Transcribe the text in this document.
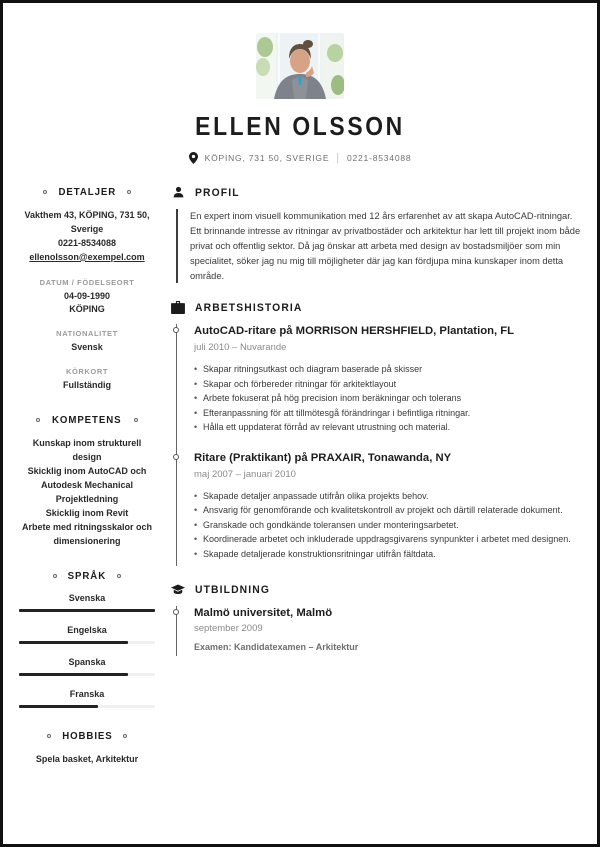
ELLEN OLSSON
KÖPING, 731 50, SVERIGE | 0221-8534088
DETALJER
Vakthem 43, KÖPING, 731 50, Sverige
0221-8534088
ellenolsson@exempel.com
DATUM / FÖDELSEORT
04-09-1990
KÖPING
NATIONALITET
Svensk
KÖRKORT
Fullständig
KOMPETENS
Kunskap inom strukturell design
Skicklig inom AutoCAD och Autodesk Mechanical
Projektledning
Skicklig inom Revit
Arbete med ritningsskalor och dimensionering
SPRÅK
Svenska
Engelska
Spanska
Franska
HOBBIES
Spela basket, Arkitektur
PROFIL

En expert inom visuell kommunikation med 12 års erfarenhet av att skapa AutoCAD-ritningar. Ett brinnande intresse av ritningar av privatbostäder och arkitektur har lett till projekt inom både privat och offentlig sektor. Då jag önskar att arbeta med design av bostadsmiljöer som min specialitet, söker jag nu mig till möjligheter där jag kan fördjupa mina kunskaper inom detta område.

ARBETSHISTORIA
AutoCAD-ritare på MORRISON HERSHFIELD, Plantation, FL
juli 2010 – Nuvarande
• Skapar ritningsutkast och diagram baserade på skisser
• Skapar och förbereder ritningar för arkitektlayout
• Arbete fokuserat på hög precision inom beräkningar och tolerans
• Efteranpassning för att tillmötesgå förändringar i befintliga ritningar.
• Hålla ett uppdaterat förråd av relevant utrustning och material.
Ritare (Praktikant) på PRAXAIR, Tonawanda, NY
maj 2007 – januari 2010
• Skapade detaljer anpassade utifrån olika projekts behov.
• Ansvarig för genomförande och kvalitetskontroll av projekt och därtill relaterade dokument.
• Granskade och gondkände toleransen under monteringsarbetet.
• Koordinerade arbetet och inkluderade uppdragsgivarens synpunkter i arbetet med designen.
• Skapade detaljerade konstruktionsritningar utifrån fältdata.
UTBILDNING
Malmö universitet, Malmö
september 2009
Examen: Kandidatexamen – Arkitektur
